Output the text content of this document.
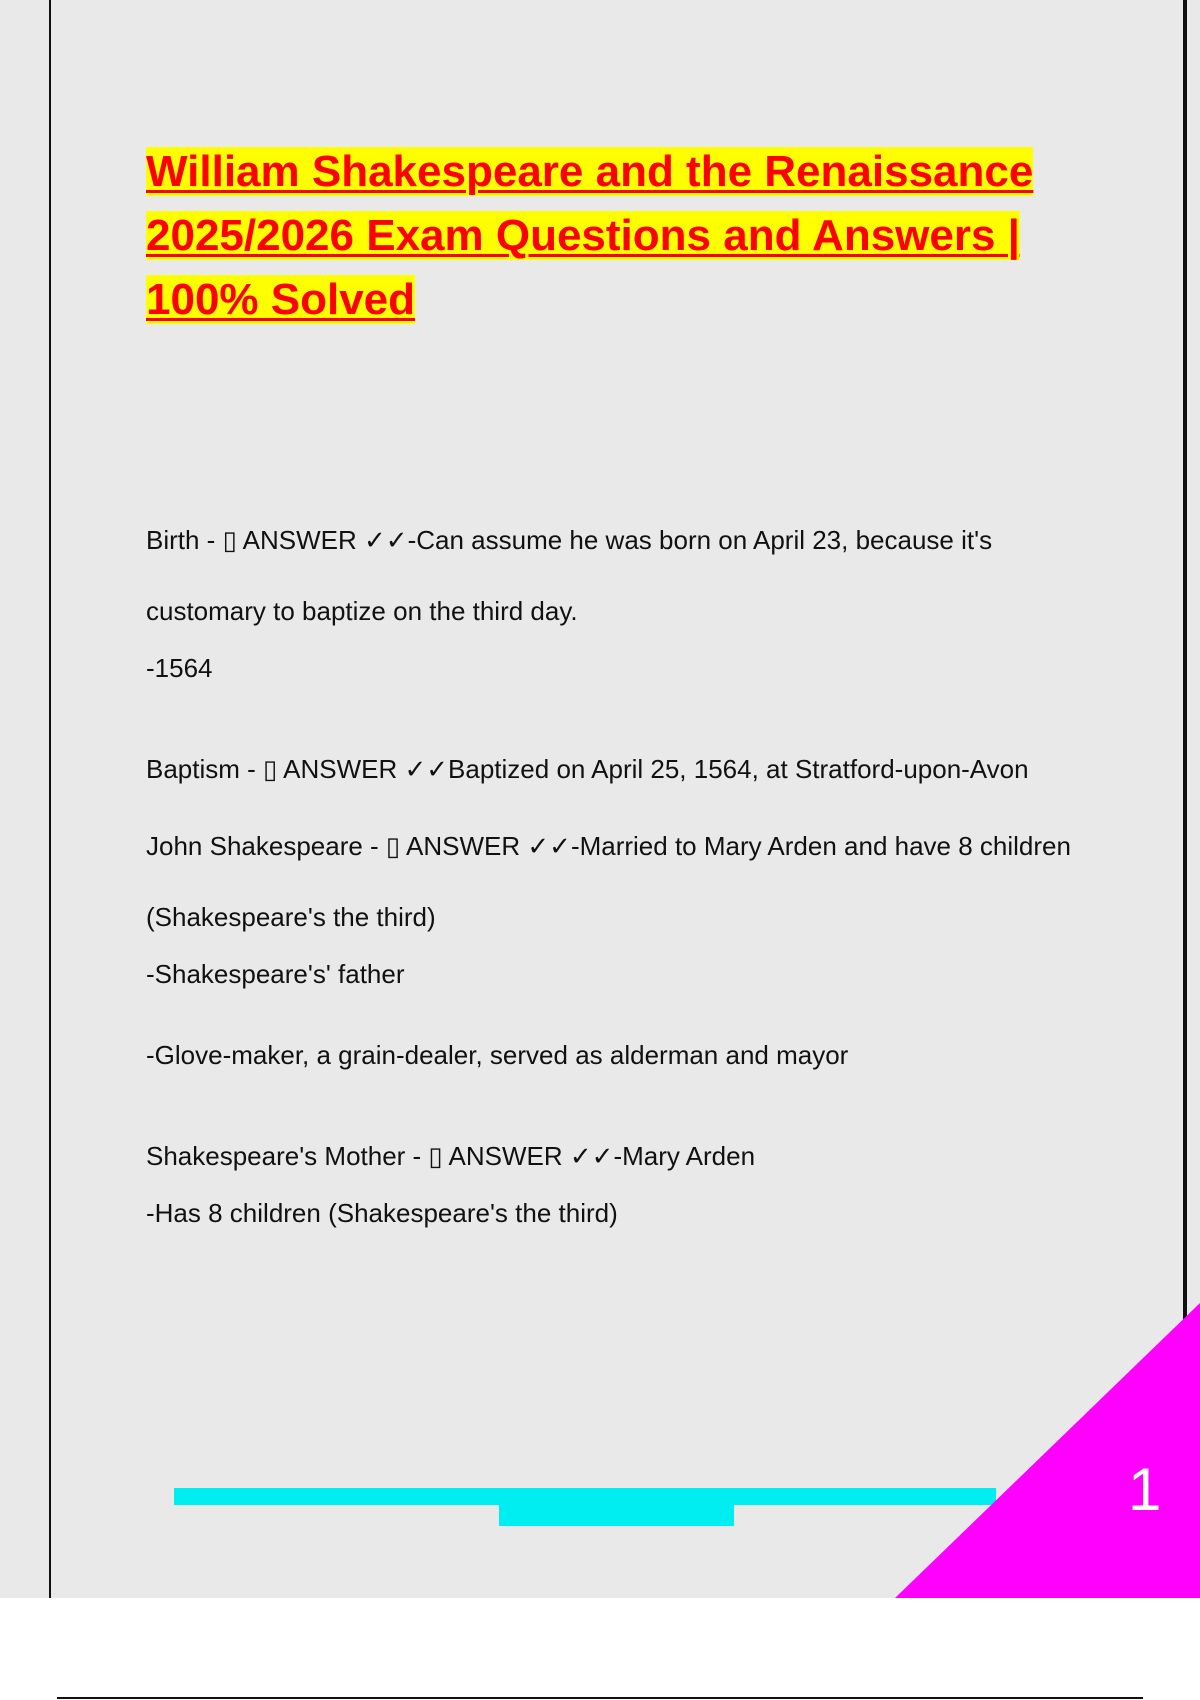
William Shakespeare and the Renaissance 2025/2026 Exam Questions and Answers | 100% Solved

Birth - ▯ ANSWER ✓✓-Can assume he was born on April 23, because it's customary to baptize on the third day.

-1564

Baptism - ▯ ANSWER ✓✓Baptized on April 25, 1564, at Stratford-upon-Avon

John Shakespeare - ▯ ANSWER ✓✓-Married to Mary Arden and have 8 children (Shakespeare's the third)

-Shakespeare's' father

-Glove-maker, a grain-dealer, served as alderman and mayor

Shakespeare's Mother - ▯ ANSWER ✓✓-Mary Arden

-Has 8 children (Shakespeare's the third)

1
